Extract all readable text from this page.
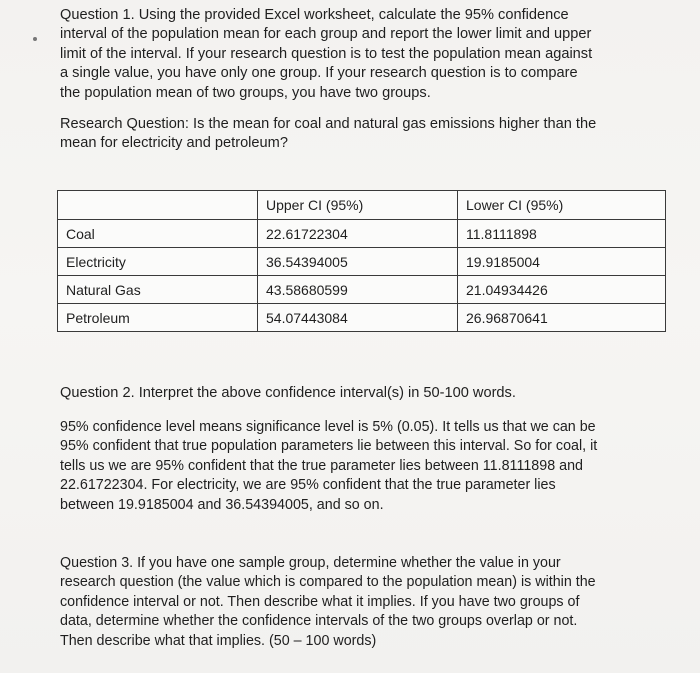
Question 1. Using the provided Excel worksheet, calculate the 95% confidence interval of the population mean for each group and report the lower limit and upper limit of the interval. If your research question is to test the population mean against a single value, you have only one group. If your research question is to compare the population mean of two groups, you have two groups.

Research Question: Is the mean for coal and natural gas emissions higher than the mean for electricity and petroleum?

	Upper CI (95%)	Lower CI (95%)
Coal	22.61722304	11.8111898
Electricity	36.54394005	19.9185004
Natural Gas	43.58680599	21.04934426
Petroleum	54.07443084	26.96870641

Question 2. Interpret the above confidence interval(s) in 50-100 words.

95% confidence level means significance level is 5% (0.05). It tells us that we can be 95% confident that true population parameters lie between this interval. So for coal, it tells us we are 95% confident that the true parameter lies between 11.8111898 and 22.61722304. For electricity, we are 95% confident that the true parameter lies between 19.9185004 and 36.54394005, and so on.

Question 3. If you have one sample group, determine whether the value in your research question (the value which is compared to the population mean) is within the confidence interval or not. Then describe what it implies. If you have two groups of data, determine whether the confidence intervals of the two groups overlap or not. Then describe what that implies. (50 – 100 words)
